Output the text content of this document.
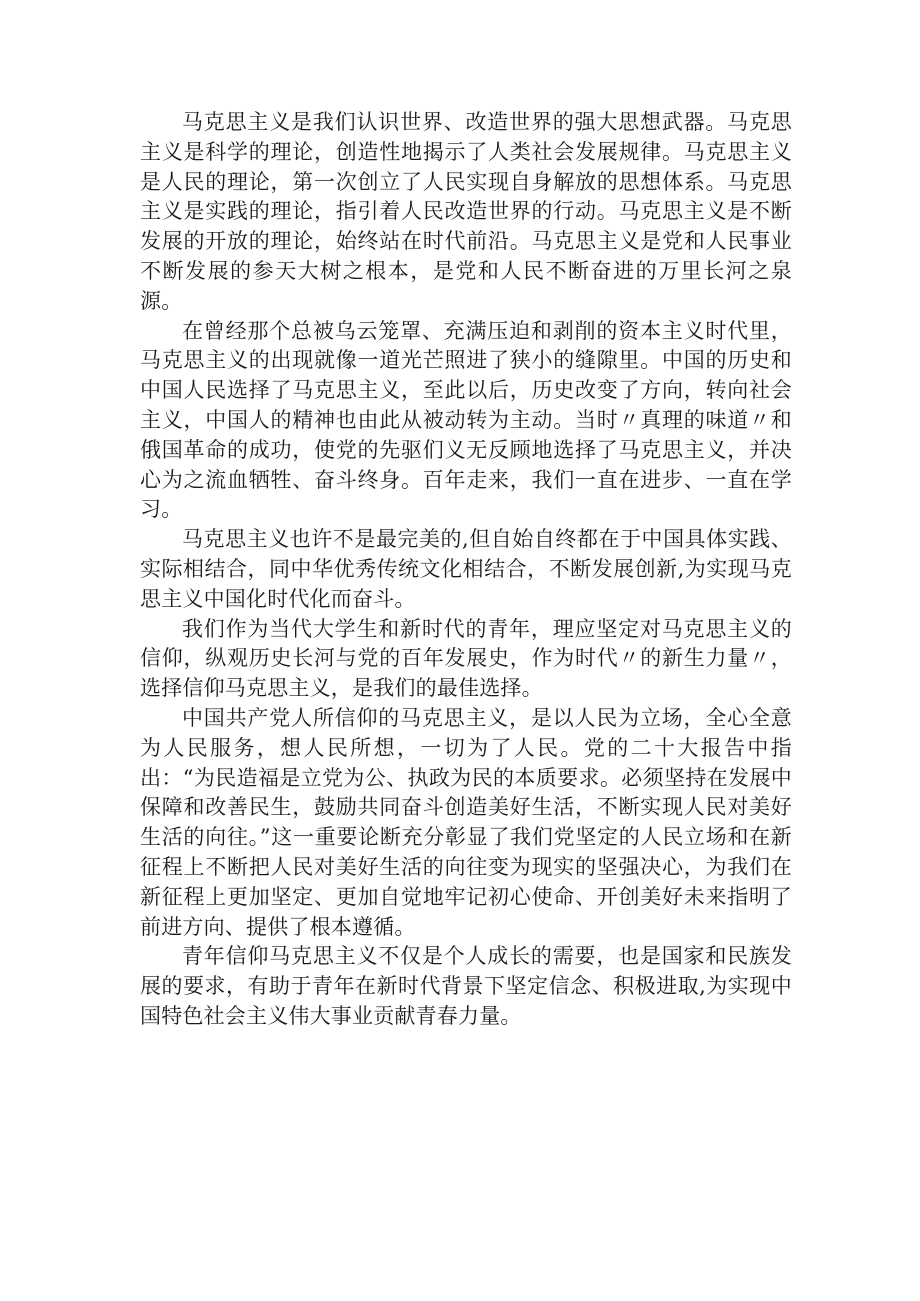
马克思主义是我们认识世界、改造世界的强大思想武器。马克思主义是科学的理论，创造性地揭示了人类社会发展规律。马克思主义是人民的理论，第一次创立了人民实现自身解放的思想体系。马克思主义是实践的理论，指引着人民改造世界的行动。马克思主义是不断发展的开放的理论，始终站在时代前沿。马克思主义是党和人民事业不断发展的参天大树之根本，是党和人民不断奋进的万里长河之泉源。

在曾经那个总被乌云笼罩、充满压迫和剥削的资本主义时代里，马克思主义的出现就像一道光芒照进了狭小的缝隙里。中国的历史和中国人民选择了马克思主义，至此以后，历史改变了方向，转向社会主义，中国人的精神也由此从被动转为主动。当时〃真理的味道〃和俄国革命的成功，使党的先驱们义无反顾地选择了马克思主义，并决心为之流血牺牲、奋斗终身。百年走来，我们一直在进步、一直在学习。

马克思主义也许不是最完美的,但自始自终都在于中国具体实践、实际相结合，同中华优秀传统文化相结合，不断发展创新,为实现马克思主义中国化时代化而奋斗。

我们作为当代大学生和新时代的青年，理应坚定对马克思主义的信仰，纵观历史长河与党的百年发展史，作为时代〃的新生力量〃，选择信仰马克思主义，是我们的最佳选择。

中国共产党人所信仰的马克思主义，是以人民为立场，全心全意为人民服务，想人民所想，一切为了人民。党的二十大报告中指出：“为民造福是立党为公、执政为民的本质要求。必须坚持在发展中保障和改善民生，鼓励共同奋斗创造美好生活，不断实现人民对美好生活的向往。”这一重要论断充分彰显了我们党坚定的人民立场和在新征程上不断把人民对美好生活的向往变为现实的坚强决心，为我们在新征程上更加坚定、更加自觉地牢记初心使命、开创美好未来指明了前进方向、提供了根本遵循。

青年信仰马克思主义不仅是个人成长的需要，也是国家和民族发展的要求，有助于青年在新时代背景下坚定信念、积极进取,为实现中国特色社会主义伟大事业贡献青春力量。
